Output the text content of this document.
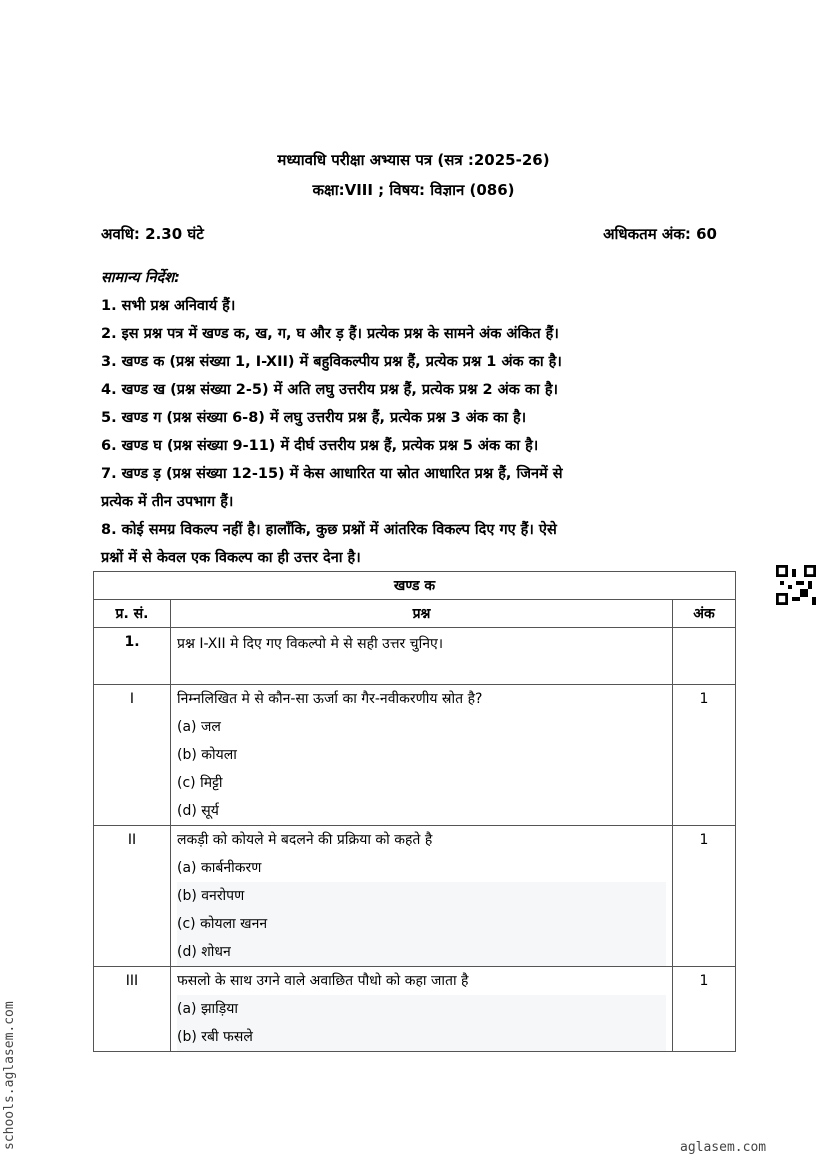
मध्यावधि परीक्षा अभ्यास पत्र (सत्र :2025-26)
कक्षा:VIII ; विषय: विज्ञान (086)
अवधि: 2.30 घंटे	अधिकतम अंक: 60
सामान्य निर्देश:
1. सभी प्रश्न अनिवार्य हैं।
2. इस प्रश्न पत्र में खण्ड क, ख, ग, घ और ड़ हैं। प्रत्येक प्रश्न के सामने अंक अंकित हैं।
3. खण्ड क (प्रश्न संख्या 1, I-XII) में बहुविकल्पीय प्रश्न हैं, प्रत्येक प्रश्न 1 अंक का है।
4. खण्ड ख (प्रश्न संख्या 2-5) में अति लघु उत्तरीय प्रश्न हैं, प्रत्येक प्रश्न 2 अंक का है।
5. खण्ड ग (प्रश्न संख्या 6-8) में लघु उत्तरीय प्रश्न हैं, प्रत्येक प्रश्न 3 अंक का है।
6. खण्ड घ (प्रश्न संख्या 9-11) में दीर्घ उत्तरीय प्रश्न हैं, प्रत्येक प्रश्न 5 अंक का है।
7. खण्ड ड़ (प्रश्न संख्या 12-15) में केस आधारित या स्रोत आधारित प्रश्न हैं, जिनमें से
प्रत्येक में तीन उपभाग हैं।
8. कोई समग्र विकल्प नहीं है। हालाँकि, कुछ प्रश्नों में आंतरिक विकल्प दिए गए हैं। ऐसे
प्रश्नों में से केवल एक विकल्प का ही उत्तर देना है।
खण्ड क		
प्र. सं.	प्रश्न	अंक
1.	प्रश्न I-XII मे दिए गए विकल्पो मे से सही उत्तर चुनिए।	
I	निम्नलिखित मे से कौन-सा ऊर्जा का गैर-नवीकरणीय स्रोत है?
(a) जल
(b) कोयला
(c) मिट्टी
(d) सूर्य	1
II	लकड़ी को कोयले मे बदलने की प्रक्रिया को कहते है
(a) कार्बनीकरण
(b) वनरोपण
(c) कोयला खनन
(d) शोधन	1
III	फसलो के साथ उगने वाले अवाछित पौधो को कहा जाता है
(a) झाड़िया
(b) रबी फसले	1
schools.aglasem.com	aglasem.com
